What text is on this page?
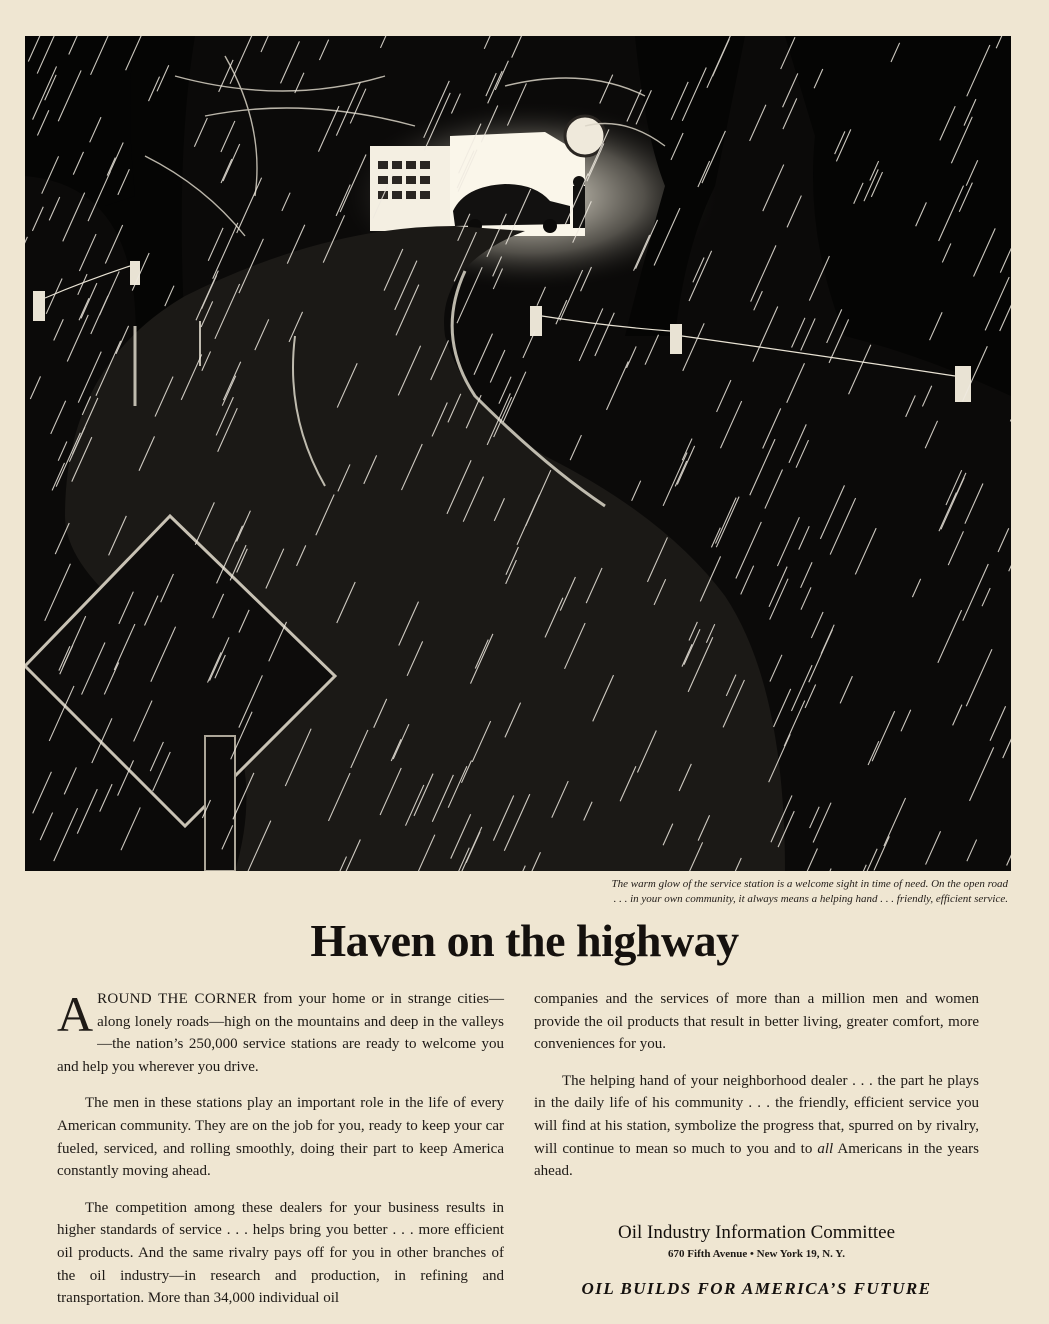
The warm glow of the service station is a welcome sight in time of need. On the open road
. . . in your own community, it always means a helping hand . . . friendly, efficient service.
Haven on the highway

AROUND THE CORNER from your home or in strange cities—along lonely roads—high on the mountains and deep in the valleys—the nation’s 250,000 service stations are ready to welcome you and help you wherever you drive.

The men in these stations play an important role in the life of every American community. They are on the job for you, ready to keep your car fueled, serviced, and rolling smoothly, doing their part to keep America constantly moving ahead.

The competition among these dealers for your business results in higher standards of service . . . helps bring you better . . . more efficient oil products. And the same rivalry pays off for you in other branches of the oil industry—in research and production, in refining and transportation. More than 34,000 individual oil

companies and the services of more than a million men and women provide the oil products that result in better living, greater comfort, more conveniences for you.

The helping hand of your neighborhood dealer . . . the part he plays in the daily life of his community . . . the friendly, efficient service you will find at his station, symbolize the progress that, spurred on by rivalry, will continue to mean so much to you and to all Americans in the years ahead.

Oil Industry Information Committee
670 Fifth Avenue • New York 19, N. Y.
OIL BUILDS FOR AMERICA’S FUTURE
